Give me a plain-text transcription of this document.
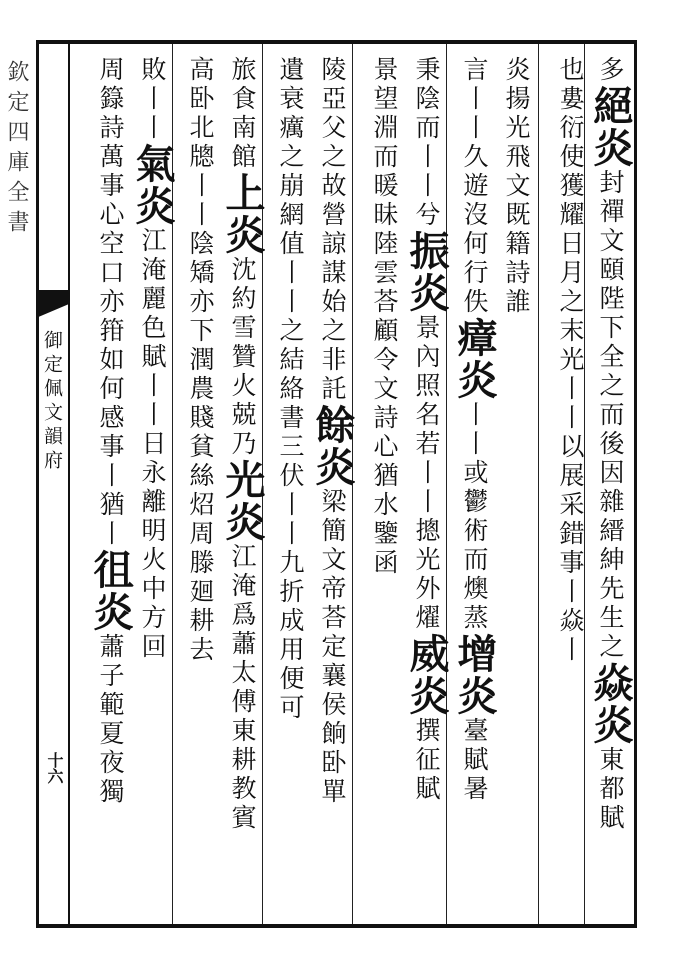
欽定四庫全書
御定佩文韻府
十六
多絕炎封禪文頤陛下全之而後因雜縉紳先生之焱炎東都賦
也婁衍使獲耀日月之末光丨丨以展采錯事丨焱丨
炎揚光飛文既籍詩誰
言丨丨久遊沒何行佚瘴炎丨丨或鬱術而燠蒸增炎臺賦暑
秉陰而丨丨兮振炎景內照名若丨丨摠光外燿威炎撰征賦
景望淵而暖昧陸雲荅顧令文詩心猶水鑒函
陵亞父之故營諒謀始之非託餘炎梁簡文帝荅定襄侯餉卧單
遺衰癘之崩網值丨丨之結絡書三伏丨丨九折成用便可
旅食南館上炎沈約雪贊火兢乃光炎江淹爲蕭太傅東耕教賓
高卧北牕丨丨陰矯亦下潤農賤貧絲炤周滕廻耕去
敗丨丨氣炎江淹麗色賦丨丨日永離明火中方回
周籙詩萬事心空口亦箝如何感事丨猶丨徂炎蕭子範夏夜獨
